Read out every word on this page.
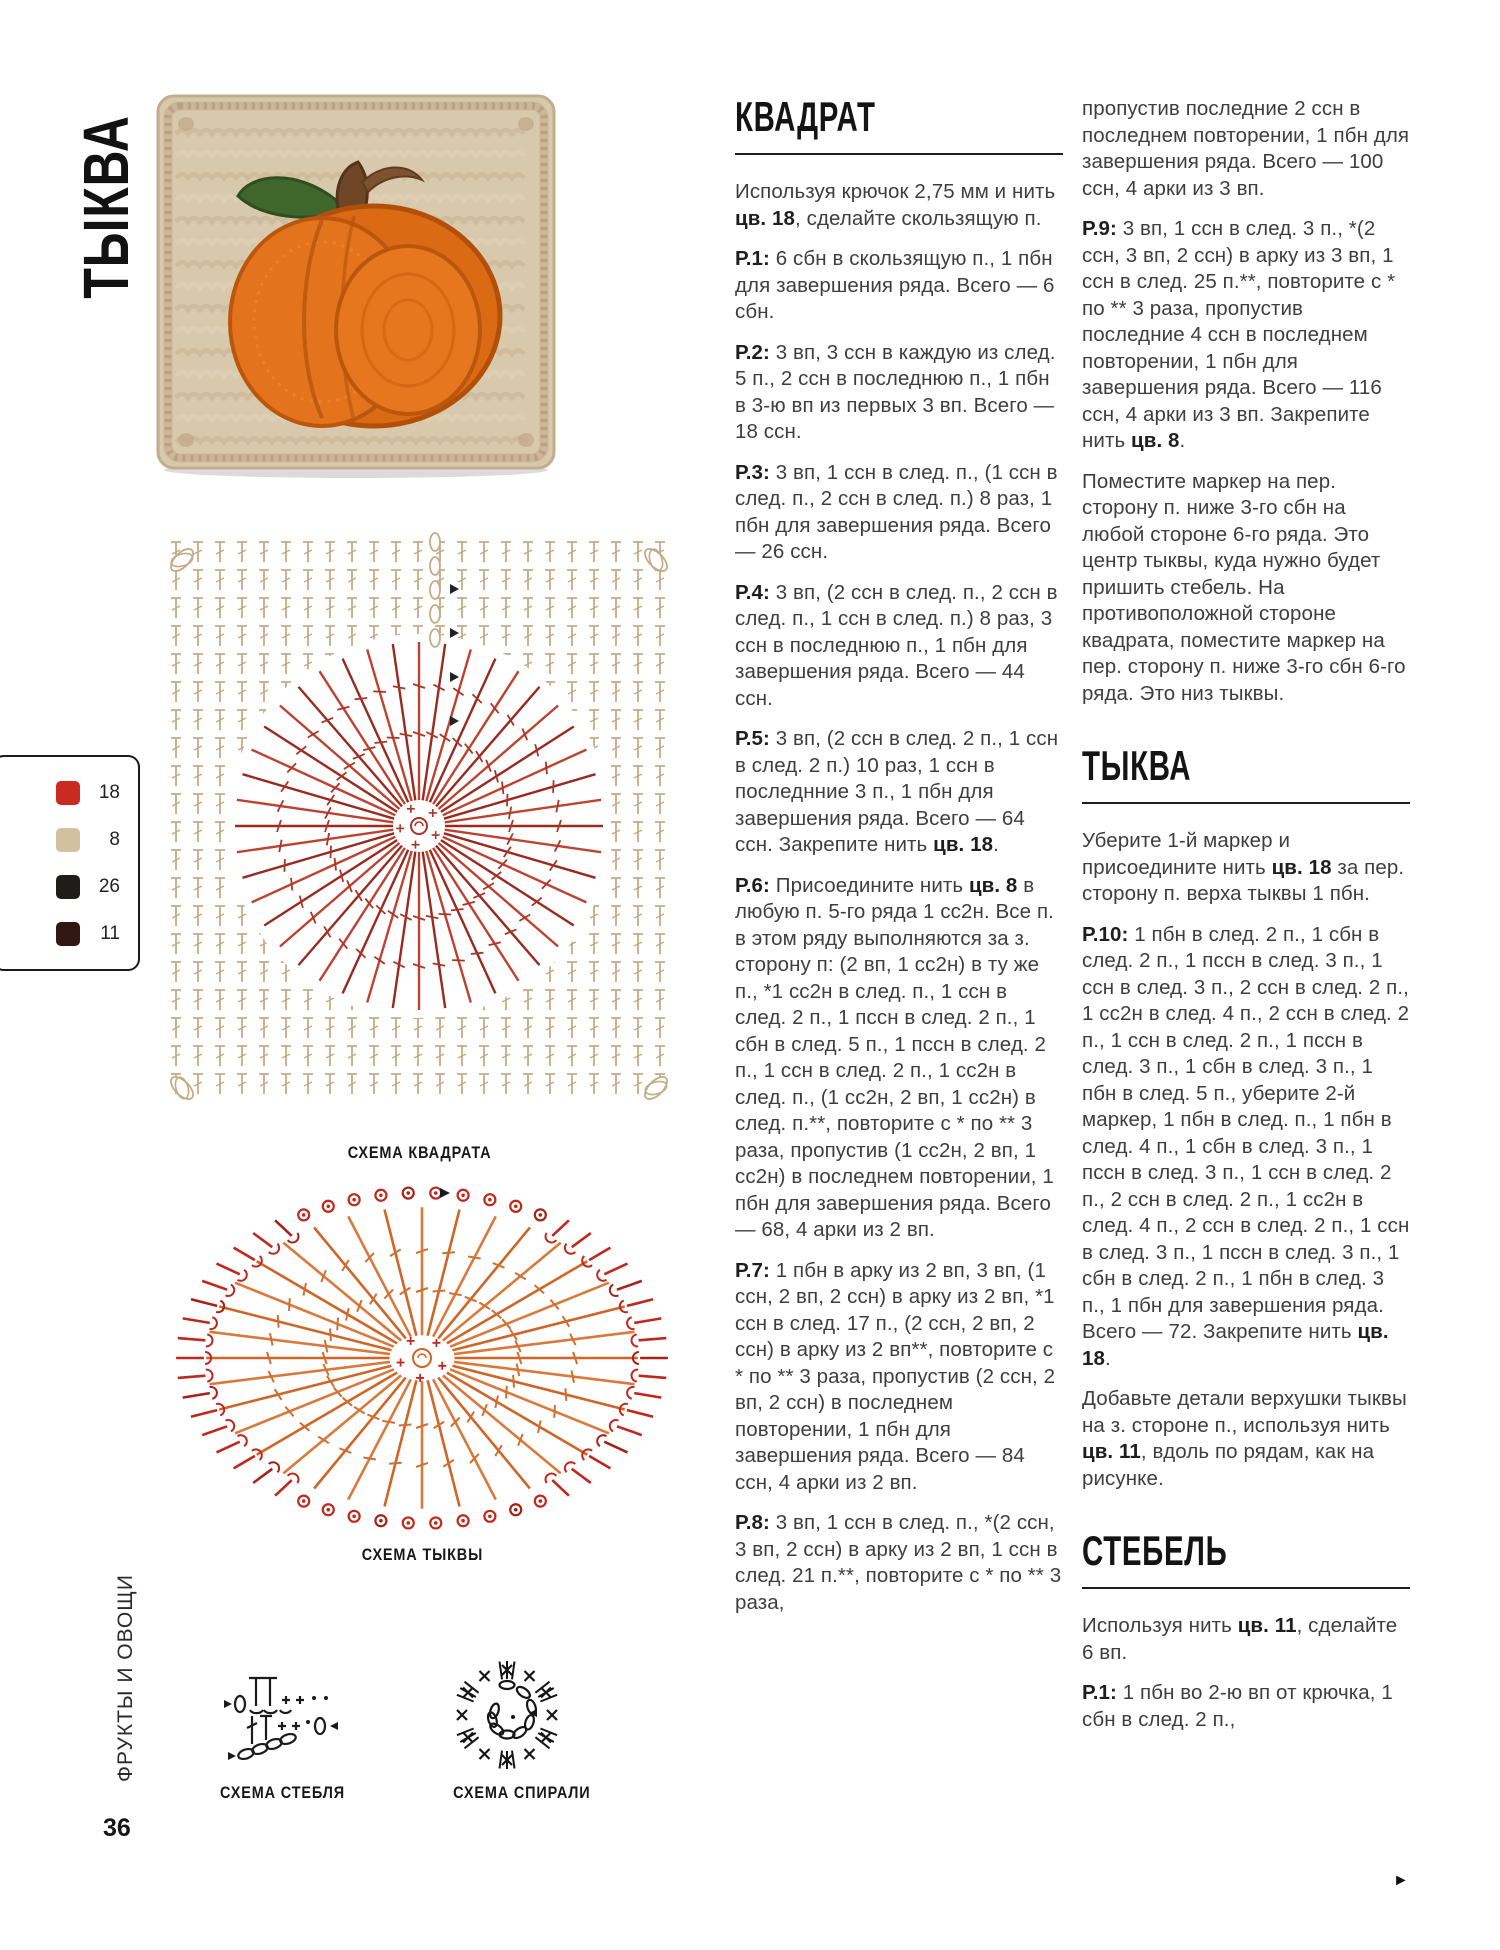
ТЫКВА
СХЕМА КВАДРАТА
18
8
26
11
СХЕМА ТЫКВЫ
СХЕМА СТЕБЛЯ	СХЕМА СПИРАЛИ
ФРУКТЫ И ОВОЩИ
36
►
КВАДРАТ

Используя крючок 2,75 мм и нить цв. 18, сделайте скользящую п.

Р.1: 6 сбн в скользящую п., 1 пбн для завершения ряда. Всего — 6 сбн.

Р.2: 3 вп, 3 ссн в каждую из след. 5 п., 2 ссн в последнюю п., 1 пбн в 3-ю вп из первых 3 вп. Всего — 18 ссн.

Р.3: 3 вп, 1 ссн в след. п., (1 ссн в след. п., 2 ссн в след. п.) 8 раз, 1 пбн для завершения ряда. Всего — 26 ссн.

Р.4: 3 вп, (2 ссн в след. п., 2 ссн в след. п., 1 ссн в след. п.) 8 раз, 3 ссн в последнюю п., 1 пбн для завершения ряда. Всего — 44 ссн.

Р.5: 3 вп, (2 ссн в след. 2 п., 1 ссн в след. 2 п.) 10 раз, 1 ссн в последнние 3 п., 1 пбн для завершения ряда. Всего — 64 ссн. Закрепите нить цв. 18.

Р.6: Присоедините нить цв. 8 в любую п. 5-го ряда 1 сс2н. Все п. в этом ряду выполняются за з. сторону п: (2 вп, 1 сс2н) в ту же п., *1 сс2н в след. п., 1 ссн в след. 2 п., 1 пссн в след. 2 п., 1 сбн в след. 5 п., 1 пссн в след. 2 п., 1 ссн в след. 2 п., 1 сс2н в след. п., (1 сс2н, 2 вп, 1 сс2н) в след. п.**, повторите с * по ** 3 раза, пропустив (1 сс2н, 2 вп, 1 сс2н) в последнем повторении, 1 пбн для завершения ряда. Всего — 68, 4 арки из 2 вп.

Р.7: 1 пбн в арку из 2 вп, 3 вп, (1 ссн, 2 вп, 2 ссн) в арку из 2 вп, *1 ссн в след. 17 п., (2 ссн, 2 вп, 2 ссн) в арку из 2 вп**, повторите с * по ** 3 раза, пропустив (2 ссн, 2 вп, 2 ссн) в последнем повторении, 1 пбн для завершения ряда. Всего — 84 ссн, 4 арки из 2 вп.

Р.8: 3 вп, 1 ссн в след. п., *(2 ссн, 3 вп, 2 ссн) в арку из 2 вп, 1 ссн в след. 21 п.**, повторите с * по ** 3 раза,

пропустив последние 2 ссн в последнем повторении, 1 пбн для завершения ряда. Всего — 100 ссн, 4 арки из 3 вп.

Р.9: 3 вп, 1 ссн в след. 3 п., *(2 ссн, 3 вп, 2 ссн) в арку из 3 вп, 1 ссн в след. 25 п.**, повторите с * по ** 3 раза, пропустив последние 4 ссн в последнем повторении, 1 пбн для завершения ряда. Всего — 116 ссн, 4 арки из 3 вп. Закрепите нить цв. 8.

Поместите маркер на пер. сторону п. ниже 3-го сбн на любой стороне 6-го ряда. Это центр тыквы, куда нужно будет пришить стебель. На противоположной стороне квадрата, поместите маркер на пер. сторону п. ниже 3-го сбн 6-го ряда. Это низ тыквы.

ТЫКВА

Уберите 1-й маркер и присоедините нить цв. 18 за пер. сторону п. верха тыквы 1 пбн.

Р.10: 1 пбн в след. 2 п., 1 сбн в след. 2 п., 1 пссн в след. 3 п., 1 ссн в след. 3 п., 2 ссн в след. 2 п., 1 сс2н в след. 4 п., 2 ссн в след. 2 п., 1 ссн в след. 2 п., 1 пссн в след. 3 п., 1 сбн в след. 3 п., 1 пбн в след. 5 п., уберите 2-й маркер, 1 пбн в след. п., 1 пбн в след. 4 п., 1 сбн в след. 3 п., 1 пссн в след. 3 п., 1 ссн в след. 2 п., 2 ссн в след. 2 п., 1 сс2н в след. 4 п., 2 ссн в след. 2 п., 1 ссн в след. 3 п., 1 пссн в след. 3 п., 1 сбн в след. 2 п., 1 пбн в след. 3 п., 1 пбн для завершения ряда. Всего — 72. Закрепите нить цв. 18.

Добавьте детали верхушки тыквы на з. стороне п., используя нить цв. 11, вдоль по рядам, как на рисунке.

СТЕБЕЛЬ

Используя нить цв. 11, сделайте 6 вп.

Р.1: 1 пбн во 2-ю вп от крючка, 1 сбн в след. 2 п.,
